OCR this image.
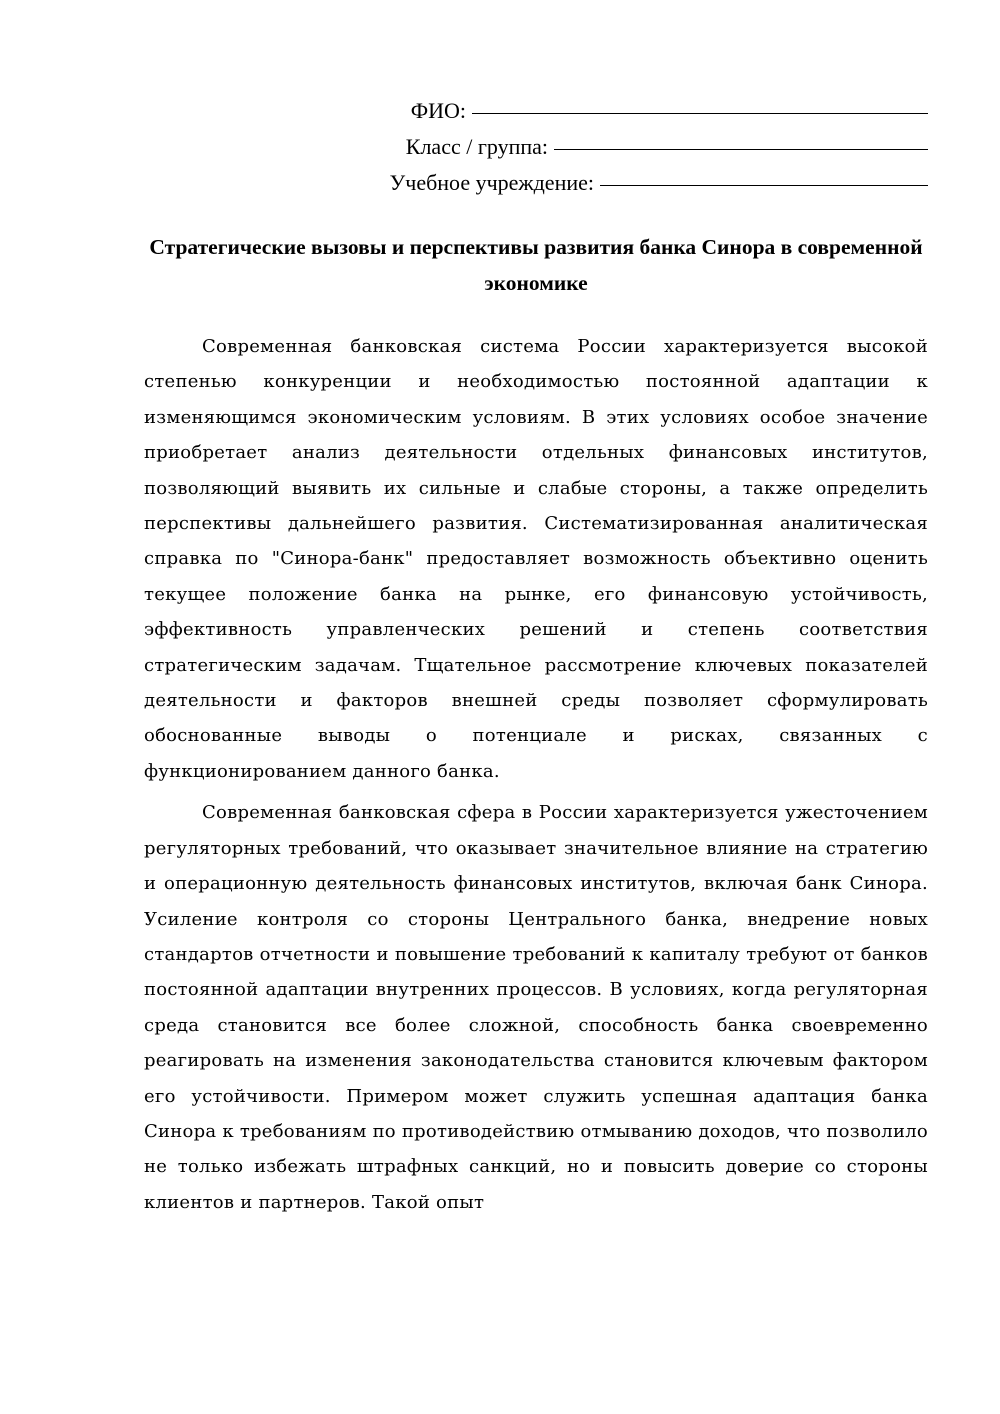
ФИО:
Класс / группа:
Учебное учреждение:
Стратегические вызовы и перспективы развития банка Синора в современной экономике

Современная банковская система России характеризуется высокой степенью конкуренции и необходимостью постоянной адаптации к изменяющимся экономическим условиям. В этих условиях особое значение приобретает анализ деятельности отдельных финансовых институтов, позволяющий выявить их сильные и слабые стороны, а также определить перспективы дальнейшего развития. Систематизированная аналитическая справка по "Синора-банк" предоставляет возможность объективно оценить текущее положение банка на рынке, его финансовую устойчивость, эффективность управленческих решений и степень соответствия стратегическим задачам. Тщательное рассмотрение ключевых показателей деятельности и факторов внешней среды позволяет сформулировать обоснованные выводы о потенциале и рисках, связанных с функционированием данного банка.

Современная банковская сфера в России характеризуется ужесточением регуляторных требований, что оказывает значительное влияние на стратегию и операционную деятельность финансовых институтов, включая банк Синора. Усиление контроля со стороны Центрального банка, внедрение новых стандартов отчетности и повышение требований к капиталу требуют от банков постоянной адаптации внутренних процессов. В условиях, когда регуляторная среда становится все более сложной, способность банка своевременно реагировать на изменения законодательства становится ключевым фактором его устойчивости. Примером может служить успешная адаптация банка Синора к требованиям по противодействию отмыванию доходов, что позволило не только избежать штрафных санкций, но и повысить доверие со стороны клиентов и партнеров. Такой опыт
